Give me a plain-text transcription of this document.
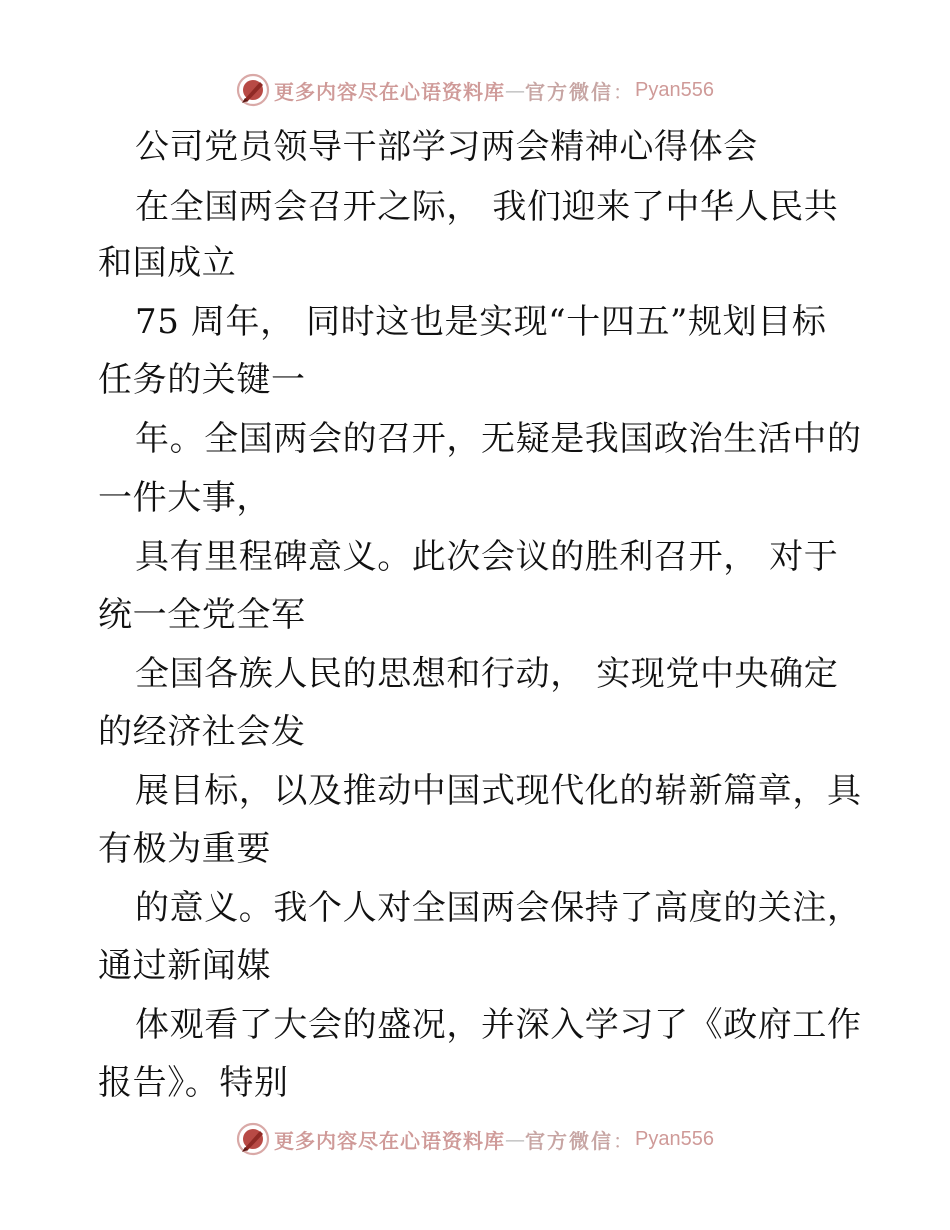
更多内容尽在心语资料库 — 官方微信 ： Pyan556
公司党员领导干部学习两会精神心得体会
在全国两会召开之际， 我们迎来了中华人民共
和国成立
75 周年， 同时这也是实现“十四五”规划目标
任务的关键一
年。全国两会的召开，无疑是我国政治生活中的
一件大事，
具有里程碑意义。此次会议的胜利召开， 对于
统一全党全军
全国各族人民的思想和行动， 实现党中央确定
的经济社会发
展目标，以及推动中国式现代化的崭新篇章，具
有极为重要
的意义。我个人对全国两会保持了高度的关注，
通过新闻媒
体观看了大会的盛况，并深入学习了《政府工作
报告》。特别
更多内容尽在心语资料库 — 官方微信 ： Pyan556
